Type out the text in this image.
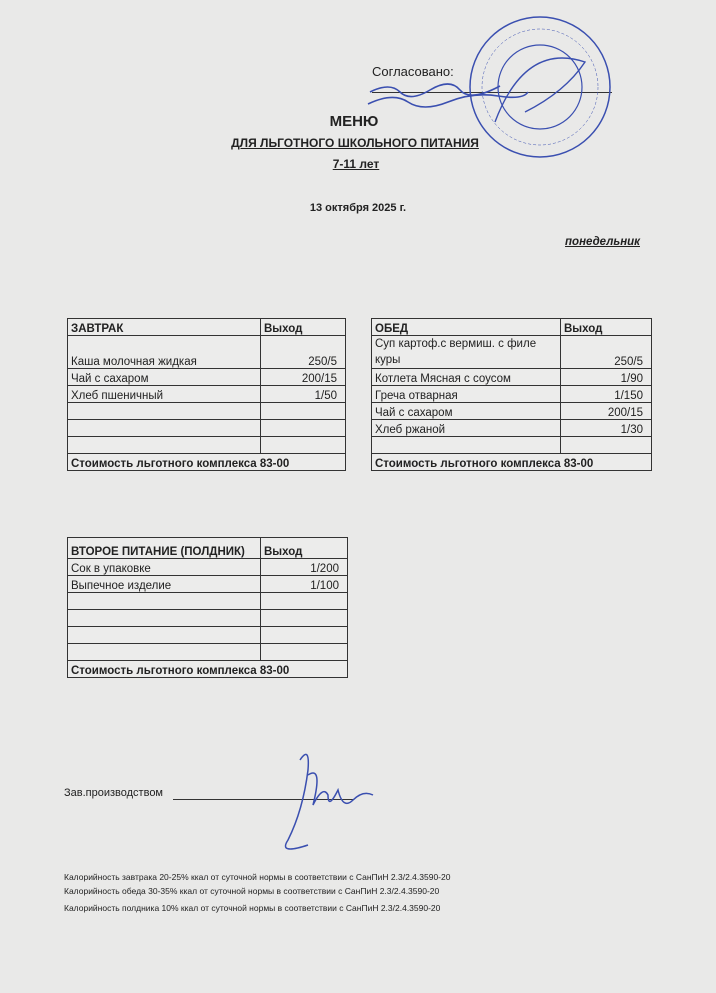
Согласовано:
МЕНЮ
ДЛЯ ЛЬГОТНОГО ШКОЛЬНОГО ПИТАНИЯ
7-11 лет
13 октября 2025 г.
понедельник
ЗАВТРАК	Выход
Каша молочная жидкая	250/5
Чай с сахаром	200/15
Хлеб пшеничный	1/50

Стоимость льготного комплекса 83-00	
ОБЕД	Выход
Суп картоф.с вермиш. с филе куры	250/5
Котлета Мясная с соусом	1/90
Греча отварная	1/150
Чай с сахаром	200/15
Хлеб ржаной	1/30

Стоимость льготного комплекса 83-00	
ВТОРОЕ ПИТАНИЕ (ПОЛДНИК)	Выход
Сок в упаковке	1/200
Выпечное изделие	1/100

Стоимость льготного комплекса 83-00	
Зав.производством
Калорийность завтрака 20-25% ккал от суточной нормы в соответствии с СанПиН 2.3/2.4.3590-20
Калорийность обеда 30-35% ккал от суточной нормы в соответствии с СанПиН 2.3/2.4.3590-20
Калорийность полдника 10% ккал от суточной нормы в соответствии с СанПиН 2.3/2.4.3590-20
